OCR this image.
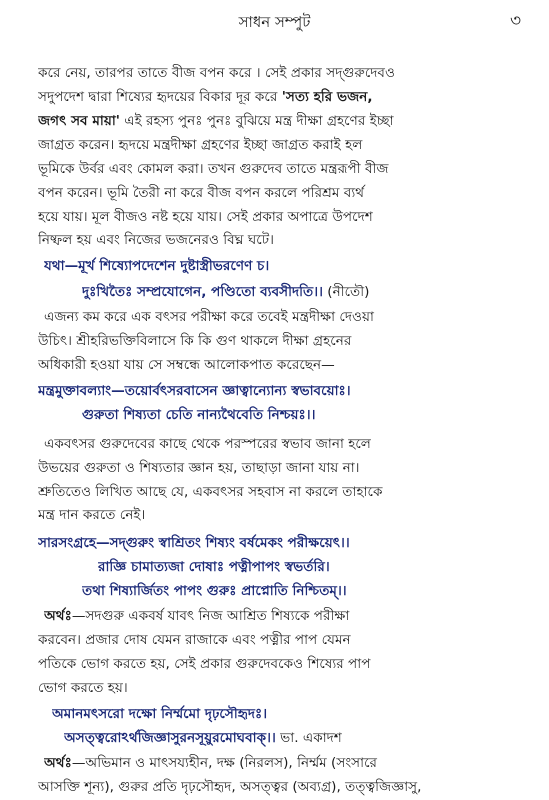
সাধন সম্পুট	৩
করে নেয়, তারপর তাতে বীজ বপন করে । সেই প্রকার সদ্গুরুদেবও
সদুপদেশ দ্বারা শিষ্যের হৃদয়ের বিকার দূর করে 'সত্য হরি ভজন,
জগৎ সব মায়া' এই রহস্য পুনঃ পুনঃ বুঝিয়ে মন্ত্র দীক্ষা গ্রহণের ইচ্ছা
জাগ্রত করেন। হৃদয়ে মন্ত্রদীক্ষা গ্রহণের ইচ্ছা জাগ্রত করাই হল
ভূমিকে উর্বর এবং কোমল করা। তখন গুরুদেব তাতে মন্ত্ররূপী বীজ
বপন করেন। ভূমি তৈরী না করে বীজ বপন করলে পরিশ্রম ব্যর্থ
হয়ে যায়। মূল বীজও নষ্ট হয়ে যায়। সেই প্রকার অপাত্রে উপদেশ
নিষ্ফল হয় এবং নিজের ভজনেরও বিঘ্ন ঘটে।
যথা—মূর্খ শিষ্যোপদেশেন দুষ্টাস্ত্রীভরণেণ চ।
দুঃখিতৈঃ সম্প্রযোগেন, পণ্ডিতো ব্যবসীদতি।। (নীতৌ)
এজন্য কম করে এক বৎসর পরীক্ষা করে তবেই মন্ত্রদীক্ষা দেওয়া
উচিৎ। শ্রীহরিভক্তিবিলাসে কি কি গুণ থাকলে দীক্ষা গ্রহনের
অধিকারী হওয়া যায় সে সম্বন্ধে আলোকপাত করেছেন—
মন্ত্রমুক্তাবল্যাং—তয়োর্বৎসরবাসেন জ্ঞাত্বান্যোন্য স্বভাবয়োঃ।
গুরুতা শিষ্যতা চেতি নান্যথৈবেতি নিশ্চয়ঃ।।
একবৎসর গুরুদেবের কাছে থেকে পরস্পরের স্বভাব জানা হলে
উভয়ের গুরুতা ও শিষ্যতার জ্ঞান হয়, তাছাড়া জানা যায় না।
শ্রুতিতেও লিখিত আছে যে, একবৎসর সহবাস না করলে তাহাকে
মন্ত্র দান করতে নেই।
সারসংগ্রহে—সদ্গুরুং স্বাশ্রিতং শিষ্যং বর্ষমেকং পরীক্ষয়েৎ।।
রাজ্ঞি চামাত্যজা দোষাঃ পত্নীপাপং স্বভর্তরি।
তথা শিষ্যার্জিতং পাপং গুরুঃ প্রাপ্নোতি নিশ্চিতম্।।
অর্থঃ—সদগুরু একবর্ষ যাবৎ নিজ আশ্রিত শিষ্যকে পরীক্ষা
করবেন। প্রজার দোষ যেমন রাজাকে এবং পত্নীর পাপ যেমন
পতিকে ভোগ করতে হয়, সেই প্রকার গুরুদেবকেও শিষ্যের পাপ
ভোগ করতে হয়।
অমানমৎসরো দক্ষো নির্ম্মমো দৃঢ়সৌহৃদঃ।
অসত্ত্বরোঽর্থজিজ্ঞাসুরনসূয়ুরমোঘবাক্।। ভা. একাদশ
অর্থঃ—অভিমান ও মাৎসয্যহীন, দক্ষ (নিরলস), নির্ম্মম (সংসারে
আসক্তি শূন্য), গুরুর প্রতি দৃঢ়সৌহৃদ, অসত্ত্বর (অব্যগ্র), তত্ত্বজিজ্ঞাসু,
